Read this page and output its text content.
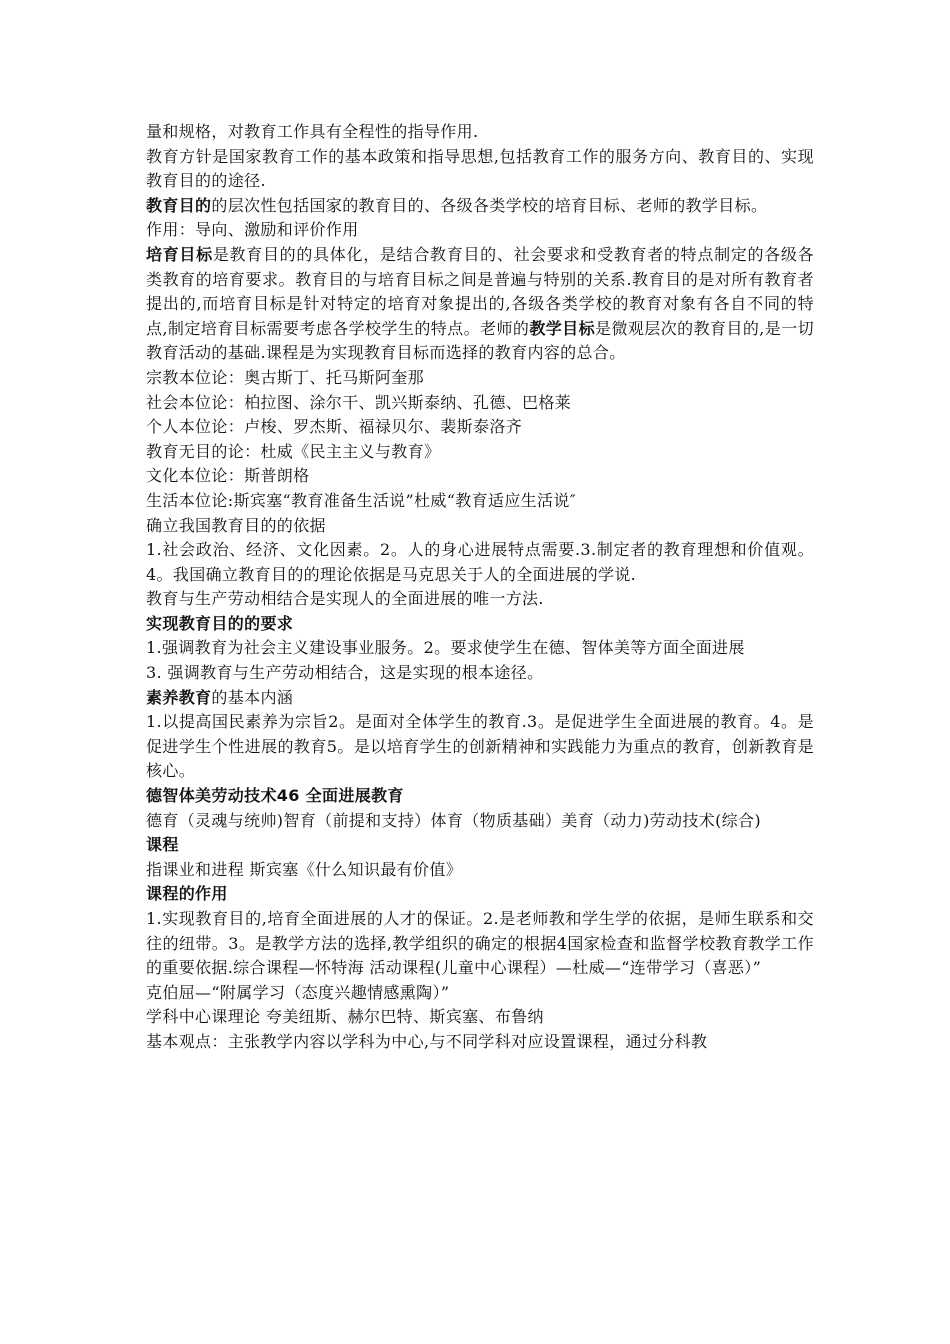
量和规格，对教育工作具有全程性的指导作用.

教育方针是国家教育工作的基本政策和指导思想,包括教育工作的服务方向、教育目的、实现教育目的的途径.

教育目的的层次性包括国家的教育目的、各级各类学校的培育目标、老师的教学目标。

作用：导向、激励和评价作用

培育目标是教育目的的具体化，是结合教育目的、社会要求和受教育者的特点制定的各级各类教育的培育要求。教育目的与培育目标之间是普遍与特别的关系.教育目的是对所有教育者提出的,而培育目标是针对特定的培育对象提出的,各级各类学校的教育对象有各自不同的特点,制定培育目标需要考虑各学校学生的特点。老师的教学目标是微观层次的教育目的,是一切教育活动的基础.课程是为实现教育目标而选择的教育内容的总合。

宗教本位论：奥古斯丁、托马斯阿奎那

社会本位论：柏拉图、涂尔干、凯兴斯泰纳、孔德、巴格莱

个人本位论：卢梭、罗杰斯、福禄贝尔、裴斯泰洛齐

教育无目的论：杜威《民主主义与教育》

文化本位论：斯普朗格

生活本位论:斯宾塞“教育准备生活说”杜威“教育适应生活说″

确立我国教育目的的依据

1.社会政治、经济、文化因素。2。人的身心进展特点需要.3.制定者的教育理想和价值观。4。我国确立教育目的的理论依据是马克思关于人的全面进展的学说.

教育与生产劳动相结合是实现人的全面进展的唯一方法.

实现教育目的的要求

1.强调教育为社会主义建设事业服务。2。要求使学生在德、智体美等方面全面进展

3. 强调教育与生产劳动相结合，这是实现的根本途径。

素养教育的基本内涵

1.以提高国民素养为宗旨2。是面对全体学生的教育.3。是促进学生全面进展的教育。4。是促进学生个性进展的教育5。是以培育学生的创新精神和实践能力为重点的教育，创新教育是核心。

德智体美劳动技术46 全面进展教育

德育（灵魂与统帅)智育（前提和支持）体育（物质基础）美育（动力)劳动技术(综合)

课程

指课业和进程 斯宾塞《什么知识最有价值》

课程的作用

1.实现教育目的,培育全面进展的人才的保证。2.是老师教和学生学的依据，是师生联系和交往的纽带。3。是教学方法的选择,教学组织的确定的根据4国家检查和监督学校教育教学工作的重要依据.综合课程—怀特海 活动课程(儿童中心课程）—杜威—“连带学习（喜恶）”

克伯屈—“附属学习（态度兴趣情感熏陶）”

学科中心课理论 夸美纽斯、赫尔巴特、斯宾塞、布鲁纳

基本观点：主张教学内容以学科为中心,与不同学科对应设置课程，通过分科教
